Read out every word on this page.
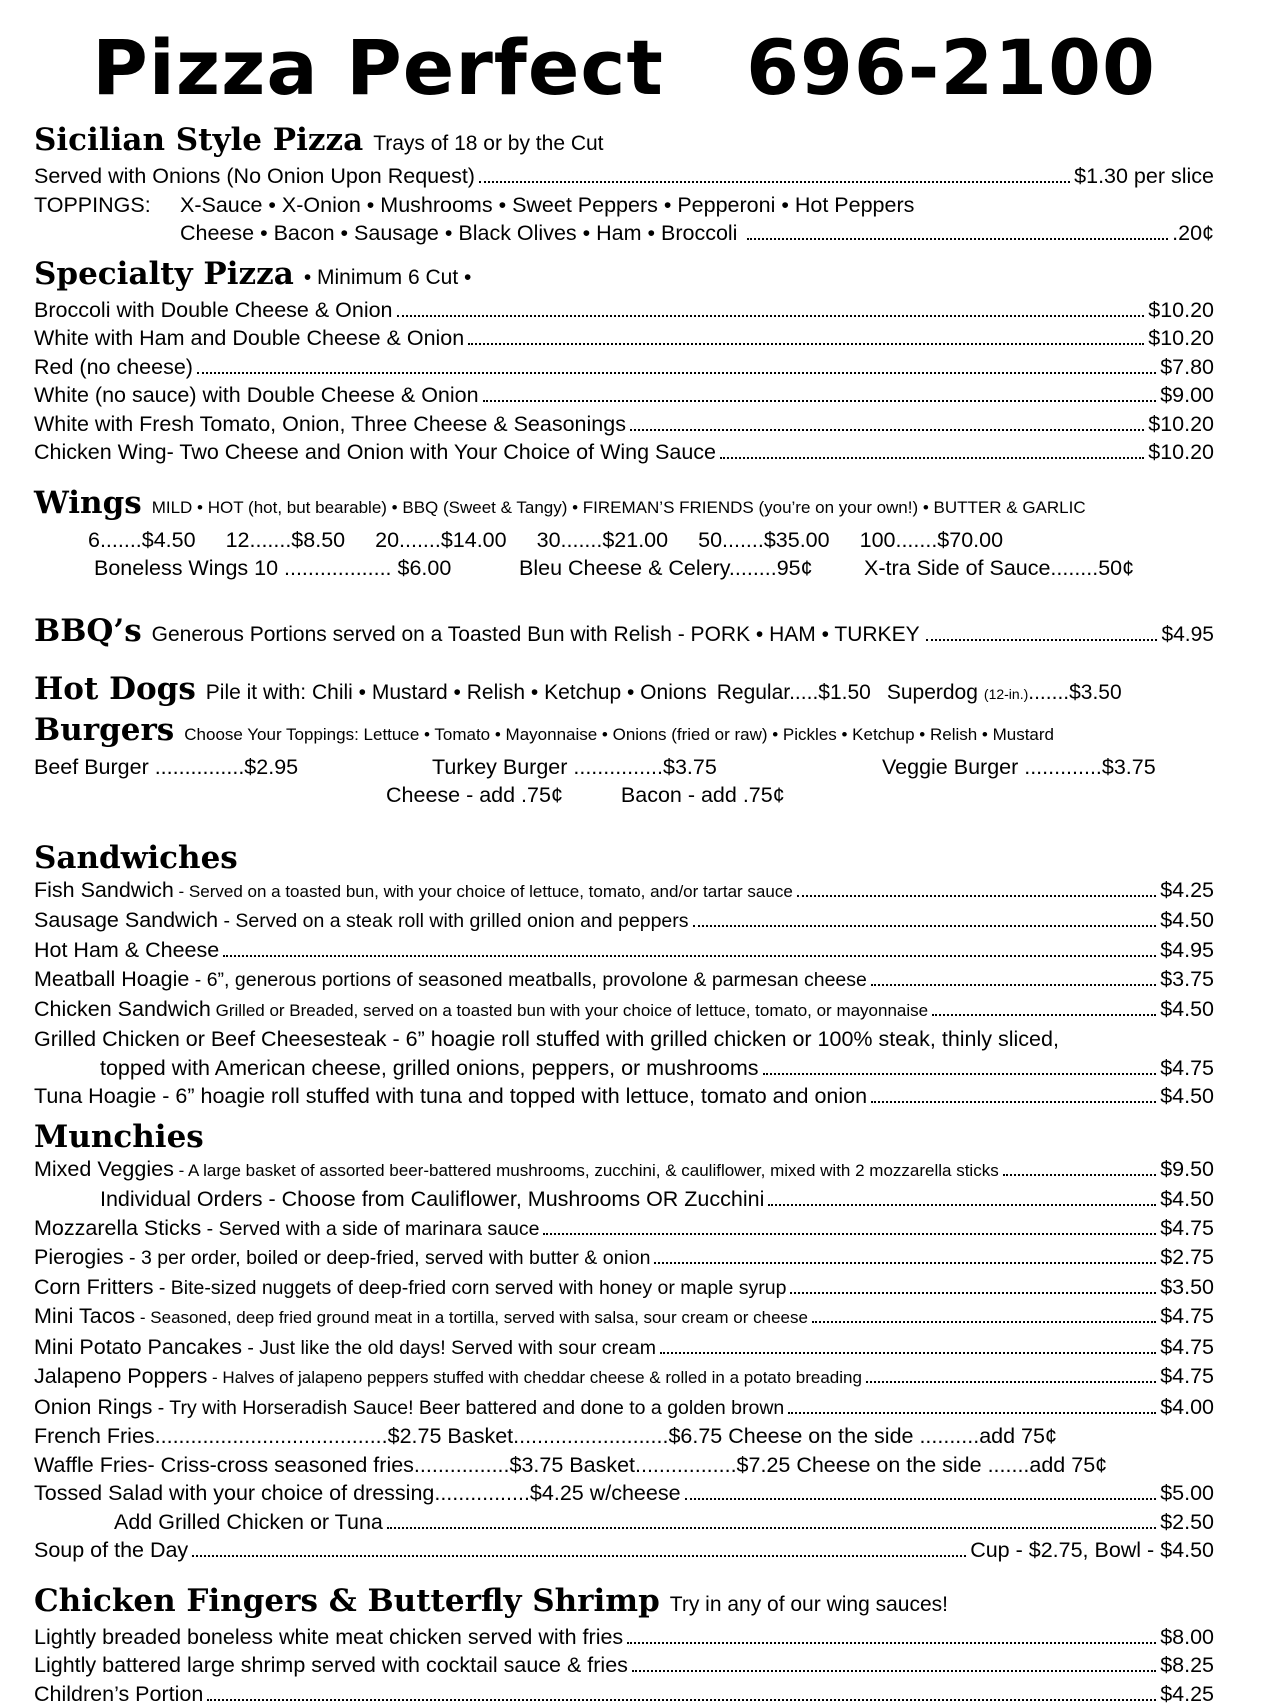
Pizza Perfect   696-2100
Sicilian Style Pizza Trays of 18 or by the Cut
Served with Onions (No Onion Upon Request)	$1.30 per slice
TOPPINGS:	X-Sauce • X-Onion • Mushrooms • Sweet Peppers • Pepperoni • Hot Peppers
Cheese • Bacon • Sausage • Black Olives • Ham • Broccoli	.20¢
Specialty Pizza • Minimum 6 Cut •
Broccoli with Double Cheese & Onion	$10.20
White with Ham and Double Cheese & Onion	$10.20
Red (no cheese)	$7.80
White (no sauce) with Double Cheese & Onion	$9.00
White with Fresh Tomato, Onion, Three Cheese & Seasonings	$10.20
Chicken Wing- Two Cheese and Onion with Your Choice of Wing Sauce	$10.20
Wings MILD • HOT (hot, but bearable) • BBQ (Sweet & Tangy) • FIREMAN’S FRIENDS (you’re on your own!) • BUTTER & GARLIC
6.......$4.50 12.......$8.50 20.......$14.00 30.......$21.00 50.......$35.00 100.......$70.00
Boneless Wings 10 .................. $6.00	Bleu Cheese & Celery........95¢	X-tra Side of Sauce........50¢
BBQ’s Generous Portions served on a Toasted Bun with Relish - PORK • HAM • TURKEY	$4.95
Hot Dogs Pile it with: Chili • Mustard • Relish • Ketchup • Onions Regular.....$1.50 Superdog (12-in.).......$3.50
Burgers Choose Your Toppings: Lettuce • Tomato • Mayonnaise • Onions (fried or raw) • Pickles • Ketchup • Relish • Mustard
Beef Burger ...............$2.95	Turkey Burger ...............$3.75	Veggie Burger .............$3.75
Cheese - add .75¢	Bacon - add .75¢
Sandwiches
Fish Sandwich - Served on a toasted bun, with your choice of lettuce, tomato, and/or tartar sauce	$4.25
Sausage Sandwich - Served on a steak roll with grilled onion and peppers	$4.50
Hot Ham & Cheese	$4.95
Meatball Hoagie - 6”, generous portions of seasoned meatballs, provolone & parmesan cheese	$3.75
Chicken Sandwich Grilled or Breaded, served on a toasted bun with your choice of lettuce, tomato, or mayonnaise	$4.50
Grilled Chicken or Beef Cheesesteak - 6” hoagie roll stuffed with grilled chicken or 100% steak, thinly sliced,
topped with American cheese, grilled onions, peppers, or mushrooms	$4.75
Tuna Hoagie - 6” hoagie roll stuffed with tuna and topped with lettuce, tomato and onion	$4.50
Munchies
Mixed Veggies - A large basket of assorted beer-battered mushrooms, zucchini, & cauliflower, mixed with 2 mozzarella sticks	$9.50
Individual Orders - Choose from Cauliflower, Mushrooms OR Zucchini	$4.50
Mozzarella Sticks - Served with a side of marinara sauce	$4.75
Pierogies - 3 per order, boiled or deep-fried, served with butter & onion	$2.75
Corn Fritters - Bite-sized nuggets of deep-fried corn served with honey or maple syrup	$3.50
Mini Tacos - Seasoned, deep fried ground meat in a tortilla, served with salsa, sour cream or cheese	$4.75
Mini Potato Pancakes - Just like the old days! Served with sour cream	$4.75
Jalapeno Poppers - Halves of jalapeno peppers stuffed with cheddar cheese & rolled in a potato breading	$4.75
Onion Rings - Try with Horseradish Sauce! Beer battered and done to a golden brown	$4.00
French Fries.......................................$2.75 Basket..........................$6.75 Cheese on the side ..........add 75¢
Waffle Fries- Criss-cross seasoned fries................$3.75 Basket.................$7.25 Cheese on the side .......add 75¢
Tossed Salad with your choice of dressing................$4.25 w/cheese	$5.00
Add Grilled Chicken or Tuna	$2.50
Soup of the Day	Cup - $2.75, Bowl - $4.50
Chicken Fingers & Butterfly Shrimp Try in any of our wing sauces!
Lightly breaded boneless white meat chicken served with fries	$8.00
Lightly battered large shrimp served with cocktail sauce & fries	$8.25
Children’s Portion	$4.25
